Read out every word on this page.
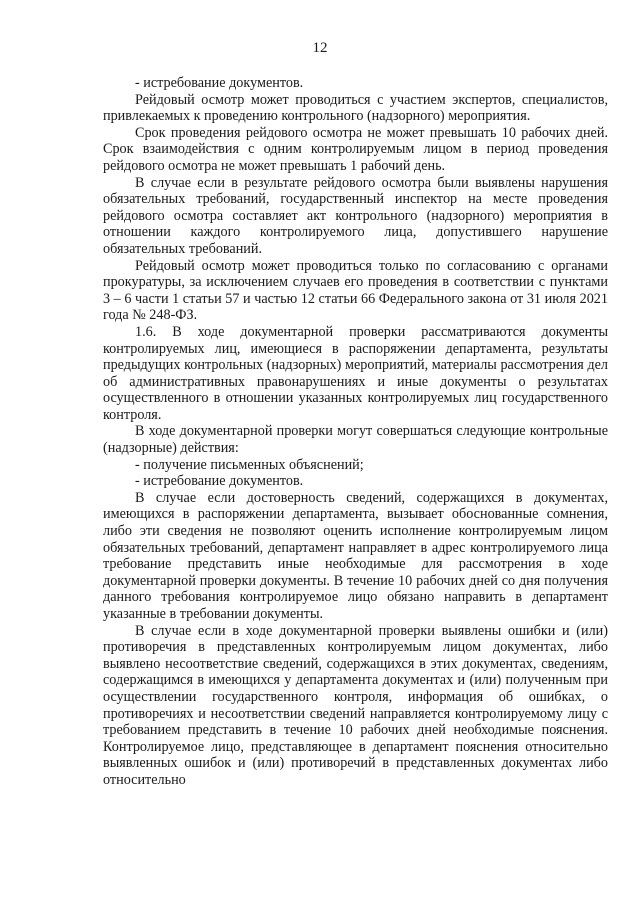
12

- истребование документов.

Рейдовый осмотр может проводиться с участием экспертов, специалистов, привлекаемых к проведению контрольного (надзорного) мероприятия.

Срок проведения рейдового осмотра не может превышать 10 рабочих дней. Срок взаимодействия с одним контролируемым лицом в период проведения рейдового осмотра не может превышать 1 рабочий день.

В случае если в результате рейдового осмотра были выявлены нарушения обязательных требований, государственный инспектор на месте проведения рейдового осмотра составляет акт контрольного (надзорного) мероприятия в отношении каждого контролируемого лица, допустившего нарушение обязательных требований.

Рейдовый осмотр может проводиться только по согласованию с органами прокуратуры, за исключением случаев его проведения в соответствии с пунктами 3 – 6 части 1 статьи 57 и частью 12 статьи 66 Федерального закона от 31 июля 2021 года № 248-ФЗ.

1.6. В ходе документарной проверки рассматриваются документы контролируемых лиц, имеющиеся в распоряжении департамента, результаты предыдущих контрольных (надзорных) мероприятий, материалы рассмотрения дел об административных правонарушениях и иные документы о результатах осуществленного в отношении указанных контролируемых лиц государственного контроля.

В ходе документарной проверки могут совершаться следующие контрольные (надзорные) действия:

- получение письменных объяснений;

- истребование документов.

В случае если достоверность сведений, содержащихся в документах, имеющихся в распоряжении департамента, вызывает обоснованные сомнения, либо эти сведения не позволяют оценить исполнение контролируемым лицом обязательных требований, департамент направляет в адрес контролируемого лица требование представить иные необходимые для рассмотрения в ходе документарной проверки документы. В течение 10 рабочих дней со дня получения данного требования контролируемое лицо обязано направить в департамент указанные в требовании документы.

В случае если в ходе документарной проверки выявлены ошибки и (или) противоречия в представленных контролируемым лицом документах, либо выявлено несоответствие сведений, содержащихся в этих документах, сведениям, содержащимся в имеющихся у департамента документах и (или) полученным при осуществлении государственного контроля, информация об ошибках, о противоречиях и несоответствии сведений направляется контролируемому лицу с требованием представить в течение 10 рабочих дней необходимые пояснения. Контролируемое лицо, представляющее в департамент пояснения относительно выявленных ошибок и (или) противоречий в представленных документах либо относительно
